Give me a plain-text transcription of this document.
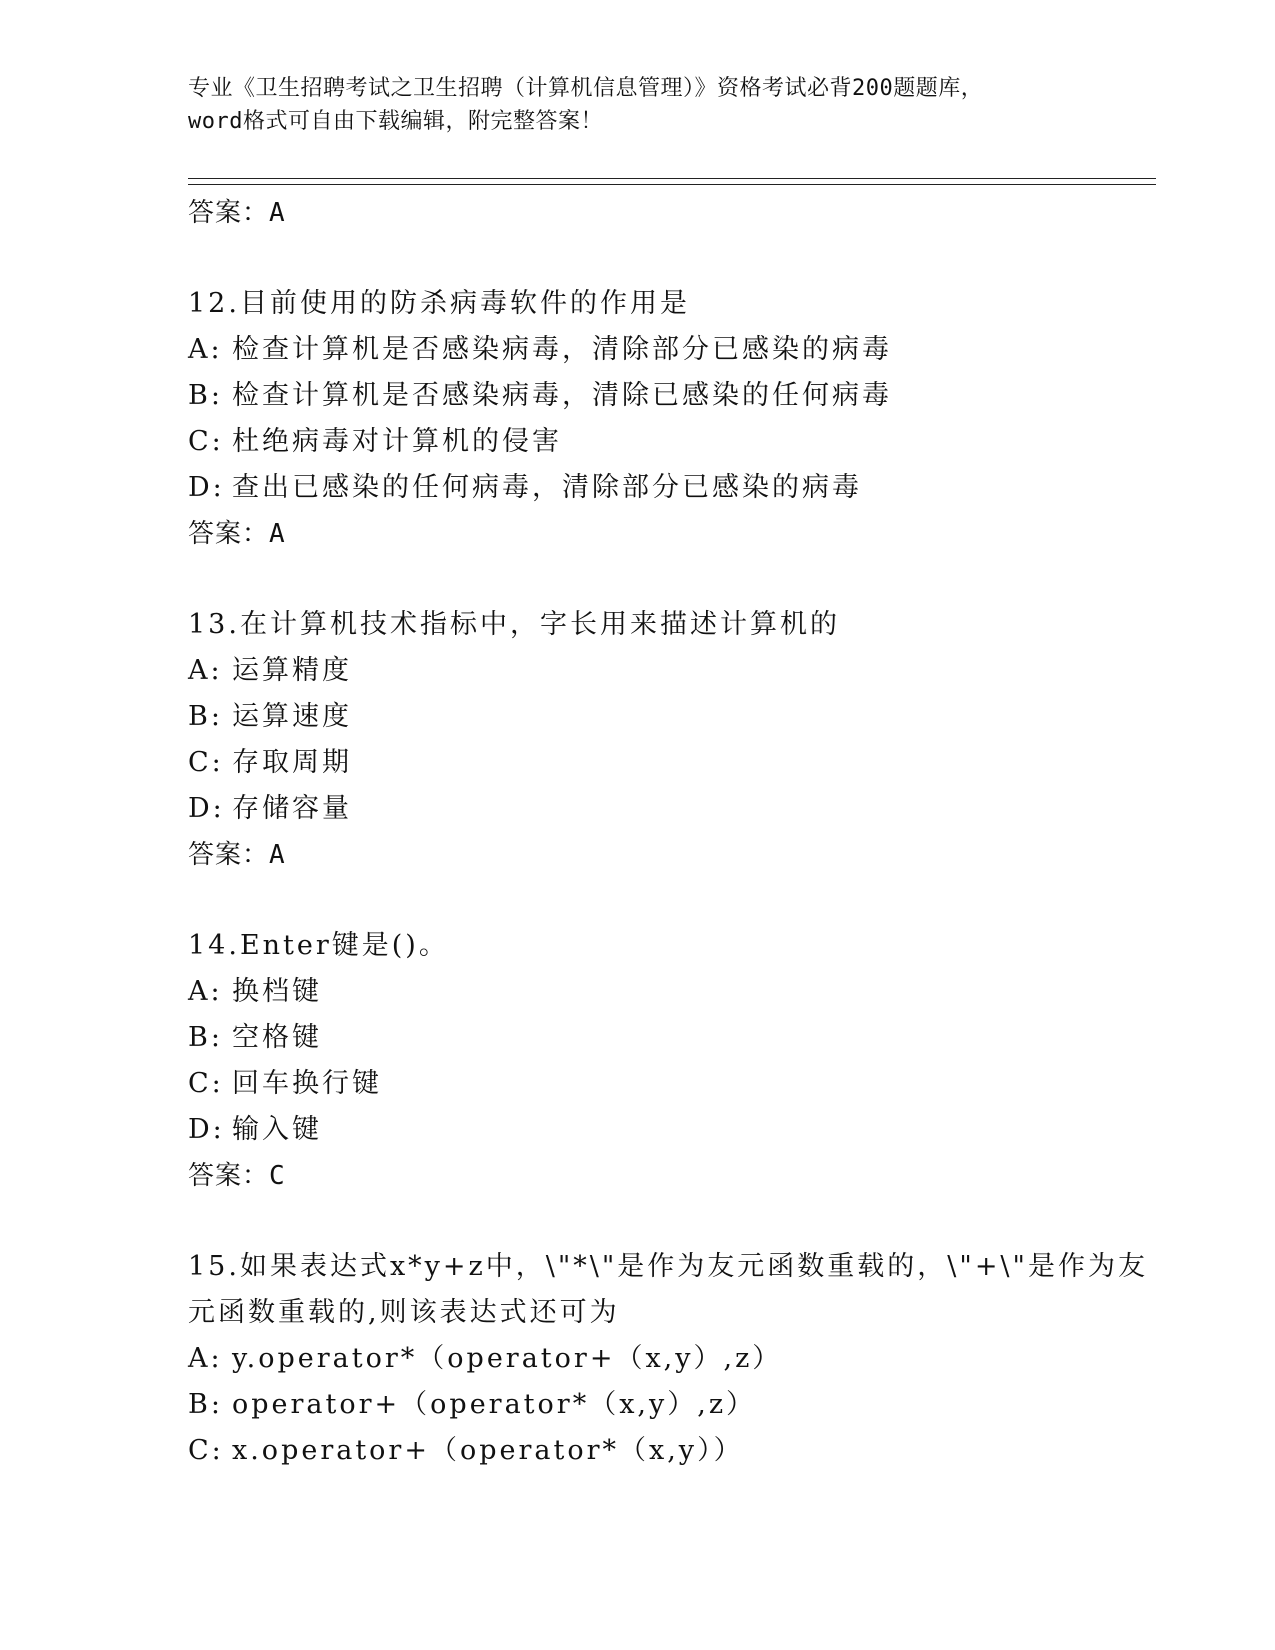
专业《卫生招聘考试之卫生招聘（计算机信息管理）》资格考试必背200题题库，
word格式可自由下载编辑，附完整答案！
答案：A
12.目前使用的防杀病毒软件的作用是
A: 检查计算机是否感染病毒，清除部分已感染的病毒
B: 检查计算机是否感染病毒，清除已感染的任何病毒
C: 杜绝病毒对计算机的侵害
D: 查出已感染的任何病毒，清除部分已感染的病毒
答案：A
13.在计算机技术指标中，字长用来描述计算机的
A: 运算精度
B: 运算速度
C: 存取周期
D: 存储容量
答案：A
14.Enter键是()。
A: 换档键
B: 空格键
C: 回车换行键
D: 输入键
答案：C
15.如果表达式x*y+z中，\"*\"是作为友元函数重载的，\"+\"是作为友元函数重载的,则该表达式还可为
A: y.operator*（operator+（x,y）,z）
B: operator+（operator*（x,y）,z）
C: x.operator+（operator*（x,y））
